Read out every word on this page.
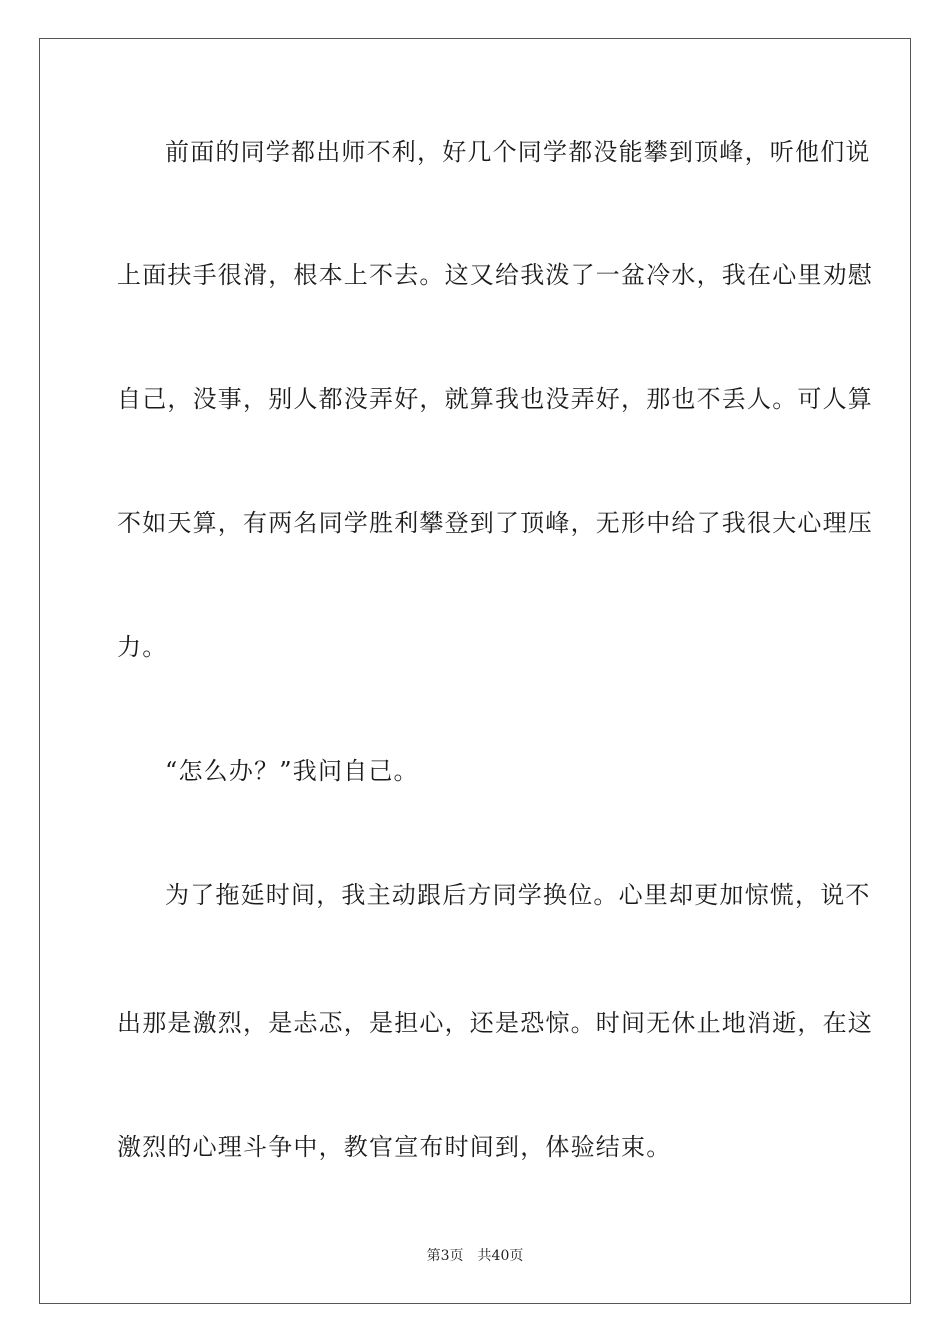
前面的同学都出师不利，好几个同学都没能攀到顶峰，听他们说
上面扶手很滑，根本上不去。这又给我泼了一盆冷水，我在心里劝慰
自己，没事，别人都没弄好，就算我也没弄好，那也不丢人。可人算
不如天算，有两名同学胜利攀登到了顶峰，无形中给了我很大心理压
力。
“怎么办？”我问自己。
为了拖延时间，我主动跟后方同学换位。心里却更加惊慌，说不
出那是激烈，是忐忑，是担心，还是恐惊。时间无休止地消逝，在这
激烈的心理斗争中，教官宣布时间到，体验结束。
第3页 共40页
